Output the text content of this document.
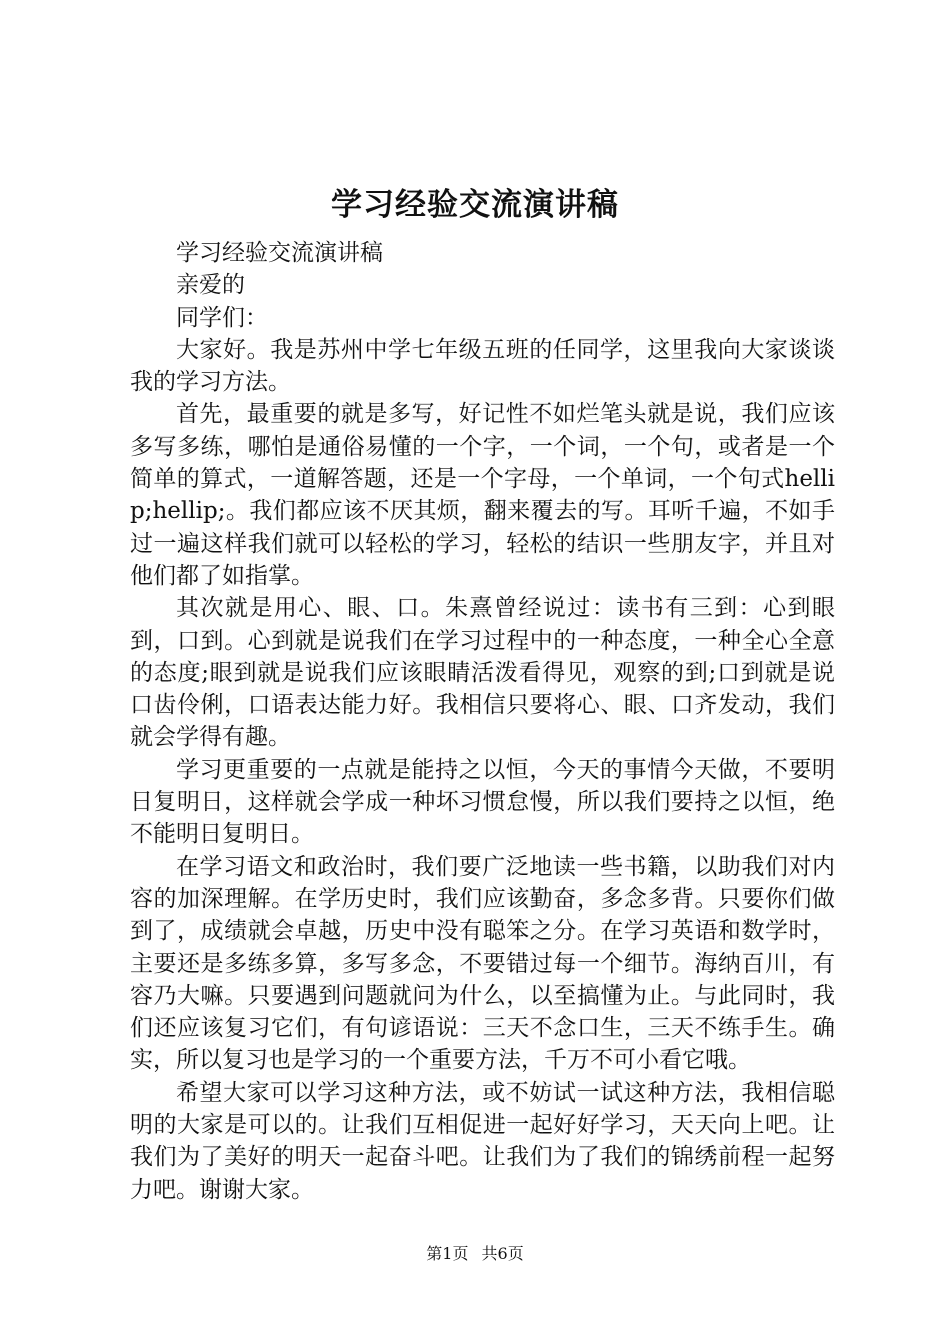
学习经验交流演讲稿

学习经验交流演讲稿

亲爱的

同学们：

大家好。我是苏州中学七年级五班的任同学，这里我向大家谈谈我的学习方法。

首先，最重要的就是多写，好记性不如烂笔头就是说，我们应该多写多练，哪怕是通俗易懂的一个字，一个词，一个句，或者是一个简单的算式，一道解答题，还是一个字母，一个单词，一个句式hellip;hellip;。我们都应该不厌其烦，翻来覆去的写。耳听千遍，不如手过一遍这样我们就可以轻松的学习，轻松的结识一些朋友字，并且对他们都了如指掌。

其次就是用心、眼、口。朱熹曾经说过：读书有三到：心到眼到，口到。心到就是说我们在学习过程中的一种态度，一种全心全意的态度;眼到就是说我们应该眼睛活泼看得见，观察的到;口到就是说口齿伶俐，口语表达能力好。我相信只要将心、眼、口齐发动，我们就会学得有趣。

学习更重要的一点就是能持之以恒，今天的事情今天做，不要明日复明日，这样就会学成一种坏习惯怠慢，所以我们要持之以恒，绝不能明日复明日。

在学习语文和政治时，我们要广泛地读一些书籍，以助我们对内容的加深理解。在学历史时，我们应该勤奋，多念多背。只要你们做到了，成绩就会卓越，历史中没有聪笨之分。在学习英语和数学时，主要还是多练多算，多写多念，不要错过每一个细节。海纳百川，有容乃大嘛。只要遇到问题就问为什么，以至搞懂为止。与此同时，我们还应该复习它们，有句谚语说：三天不念口生，三天不练手生。确实，所以复习也是学习的一个重要方法，千万不可小看它哦。

希望大家可以学习这种方法，或不妨试一试这种方法，我相信聪明的大家是可以的。让我们互相促进一起好好学习，天天向上吧。让我们为了美好的明天一起奋斗吧。让我们为了我们的锦绣前程一起努力吧。谢谢大家。

第1页 共6页
